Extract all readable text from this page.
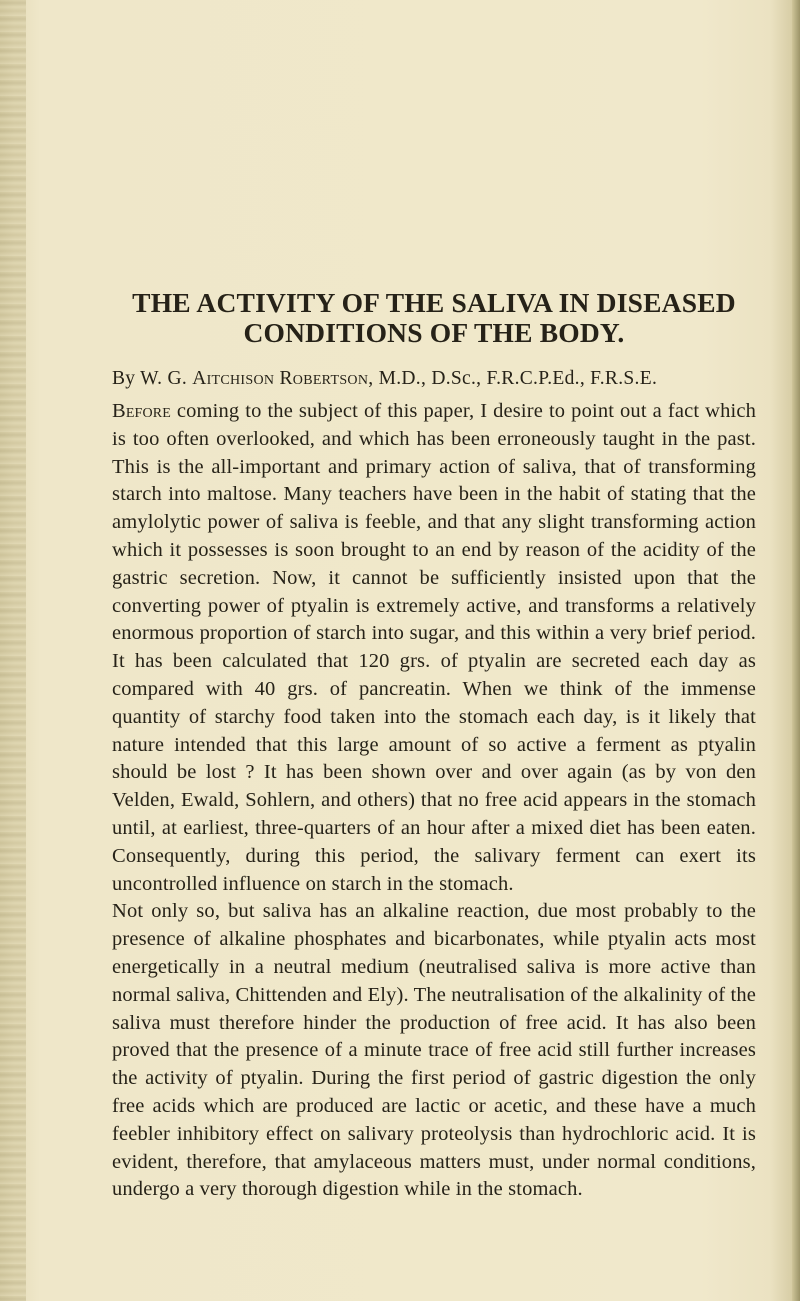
THE ACTIVITY OF THE SALIVA IN DISEASED
CONDITIONS OF THE BODY.

By W. G. Aitchison Robertson, M.D., D.Sc., F.R.C.P.Ed., F.R.S.E.

Before coming to the subject of this paper, I desire to point out a fact which is too often overlooked, and which has been erroneously taught in the past. This is the all-important and primary action of saliva, that of transforming starch into maltose. Many teachers have been in the habit of stating that the amylolytic power of saliva is feeble, and that any slight transforming action which it possesses is soon brought to an end by reason of the acidity of the gastric secretion. Now, it cannot be sufficiently insisted upon that the converting power of ptyalin is extremely active, and transforms a relatively enormous proportion of starch into sugar, and this within a very brief period. It has been calculated that 120 grs. of ptyalin are secreted each day as compared with 40 grs. of pancreatin. When we think of the immense quantity of starchy food taken into the stomach each day, is it likely that nature intended that this large amount of so active a ferment as ptyalin should be lost ? It has been shown over and over again (as by von den Velden, Ewald, Sohlern, and others) that no free acid appears in the stomach until, at earliest, three-quarters of an hour after a mixed diet has been eaten. Consequently, during this period, the salivary ferment can exert its uncontrolled influence on starch in the stomach.

Not only so, but saliva has an alkaline reaction, due most probably to the presence of alkaline phosphates and bicarbonates, while ptyalin acts most energetically in a neutral medium (neutralised saliva is more active than normal saliva, Chittenden and Ely). The neutralisation of the alkalinity of the saliva must therefore hinder the production of free acid. It has also been proved that the presence of a minute trace of free acid still further increases the activity of ptyalin. During the first period of gastric digestion the only free acids which are produced are lactic or acetic, and these have a much feebler inhibitory effect on salivary proteolysis than hydrochloric acid. It is evident, therefore, that amylaceous matters must, under normal conditions, undergo a very thorough digestion while in the stomach.
